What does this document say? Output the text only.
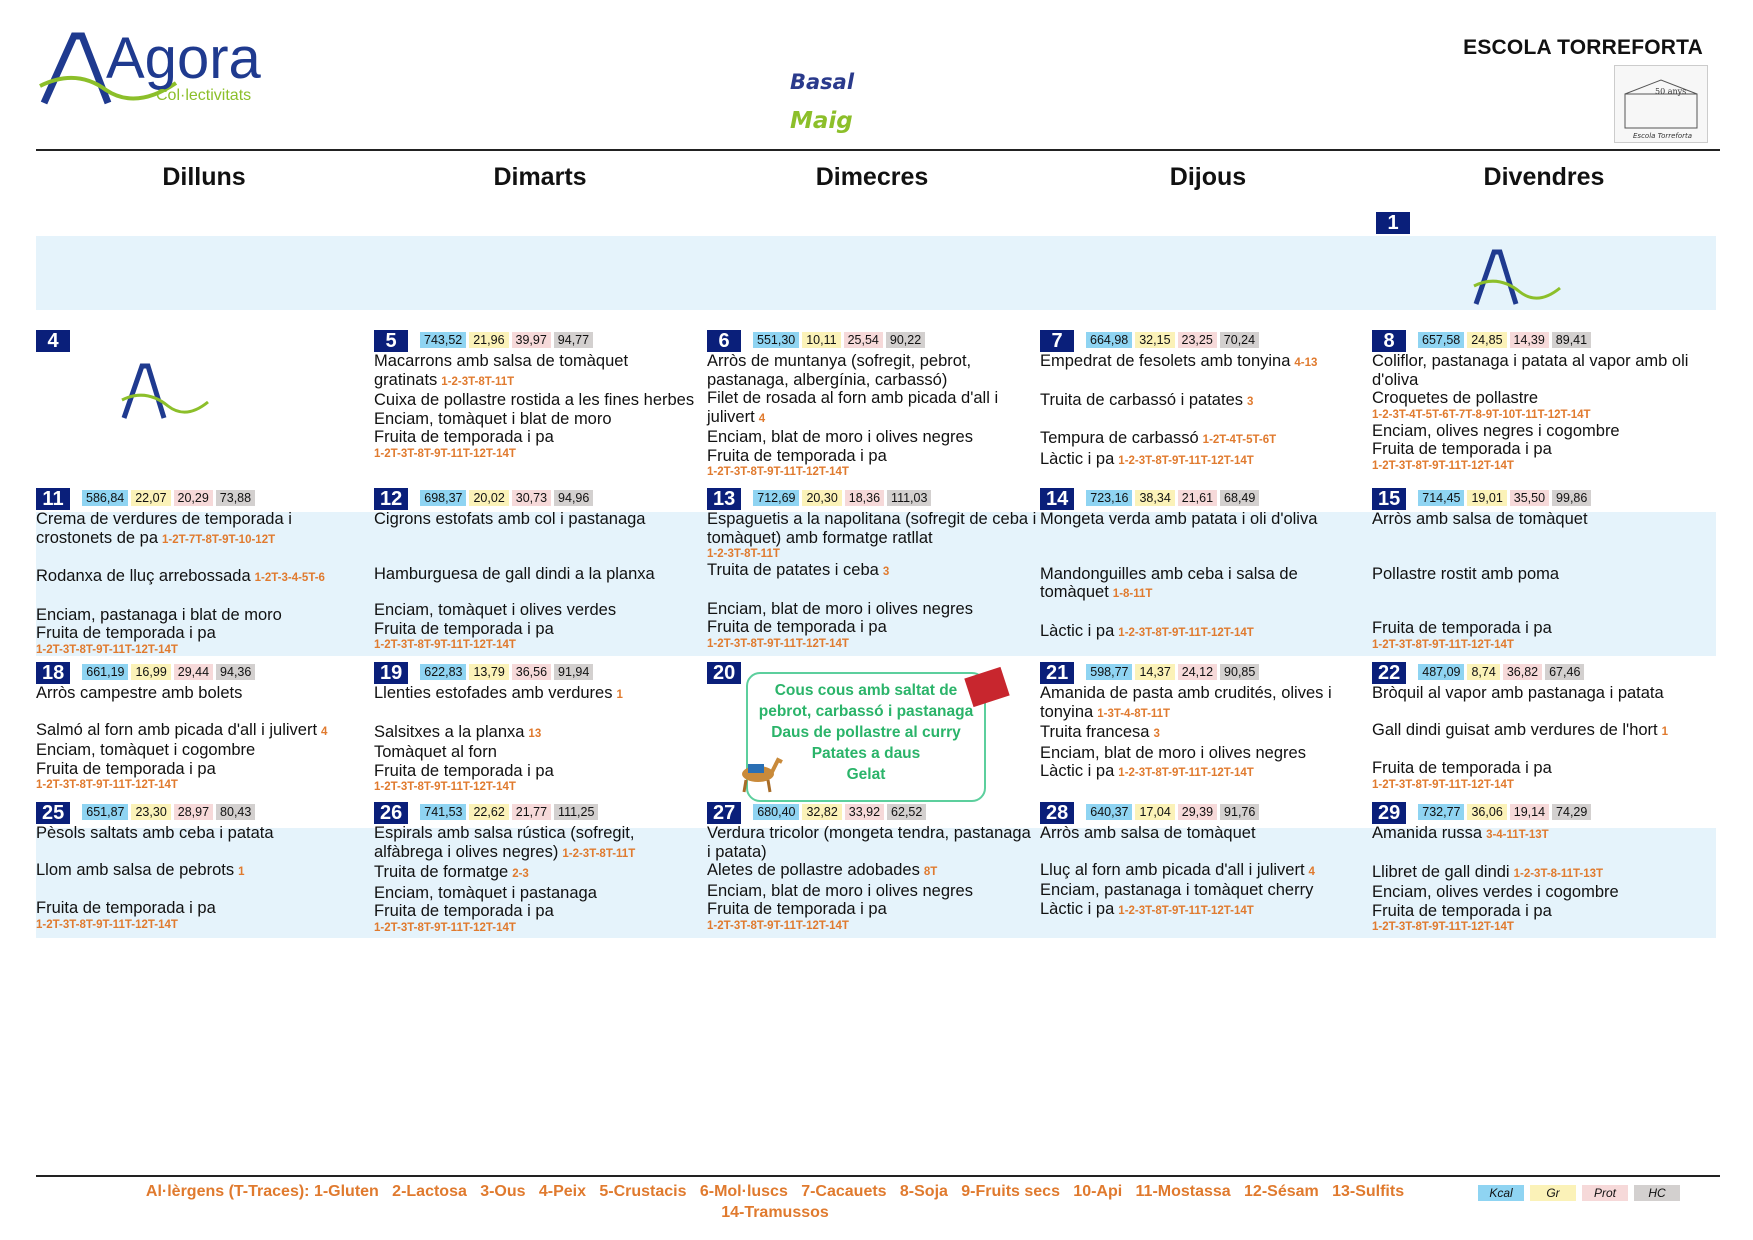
Agora
Col·lectivitats
Basal
Maig
ESCOLA TORREFORTA
50 anys
Escola Torreforta
Dilluns	Dimarts	Dimecres	Dijous	Divendres
1
4	5 743,52 21,96 39,97 94,77
Macarrons amb salsa de tomàquet gratinats 1-2-3T-8T-11T
Cuixa de pollastre rostida a les fines herbes
Enciam, tomàquet i blat de moro
Fruita de temporada i pa
1-2T-3T-8T-9T-11T-12T-14T
6 551,30 10,11 25,54 90,22
Arròs de muntanya (sofregit, pebrot, pastanaga, albergínia, carbassó)
Filet de rosada al forn amb picada d'all i julivert 4
Enciam, blat de moro i olives negres
Fruita de temporada i pa
1-2T-3T-8T-9T-11T-12T-14T
7 664,98 32,15 23,25 70,24
Empedrat de fesolets amb tonyina 4-13
Truita de carbassó i patates 3
Tempura de carbassó 1-2T-4T-5T-6T
Làctic i pa 1-2-3T-8T-9T-11T-12T-14T
8 657,58 24,85 14,39 89,41
Coliflor, pastanaga i patata al vapor amb oli d'oliva
Croquetes de pollastre
1-2-3T-4T-5T-6T-7T-8-9T-10T-11T-12T-14T
Enciam, olives negres i cogombre
Fruita de temporada i pa
1-2T-3T-8T-9T-11T-12T-14T
11 586,84 22,07 20,29 73,88
Crema de verdures de temporada i crostonets de pa 1-2T-7T-8T-9T-10-12T
Rodanxa de lluç arrebossada 1-2T-3-4-5T-6
Enciam, pastanaga i blat de moro
Fruita de temporada i pa
1-2T-3T-8T-9T-11T-12T-14T
12 698,37 20,02 30,73 94,96
Cigrons estofats amb col i pastanaga
Hamburguesa de gall dindi a la planxa
Enciam, tomàquet i olives verdes
Fruita de temporada i pa
1-2T-3T-8T-9T-11T-12T-14T
13 712,69 20,30 18,36 111,03
Espaguetis a la napolitana (sofregit de ceba i tomàquet) amb formatge ratllat
1-2-3T-8T-11T
Truita de patates i ceba 3
Enciam, blat de moro i olives negres
Fruita de temporada i pa
1-2T-3T-8T-9T-11T-12T-14T
14 723,16 38,34 21,61 68,49
Mongeta verda amb patata i oli d'oliva
Mandonguilles amb ceba i salsa de tomàquet 1-8-11T
Làctic i pa 1-2-3T-8T-9T-11T-12T-14T
15 714,45 19,01 35,50 99,86
Arròs amb salsa de tomàquet
Pollastre rostit amb poma
Fruita de temporada i pa
1-2T-3T-8T-9T-11T-12T-14T
18 661,19 16,99 29,44 94,36
Arròs campestre amb bolets
Salmó al forn amb picada d'all i julivert 4
Enciam, tomàquet i cogombre
Fruita de temporada i pa
1-2T-3T-8T-9T-11T-12T-14T
19 622,83 13,79 36,56 91,94
Llenties estofades amb verdures 1
Salsitxes a la planxa 13
Tomàquet al forn
Fruita de temporada i pa
1-2T-3T-8T-9T-11T-12T-14T
20
Cous cous amb saltat de
pebrot, carbassó i pastanaga
Daus de pollastre al curry
Patates a daus
Gelat
21 598,77 14,37 24,12 90,85
Amanida de pasta amb crudités, olives i tonyina 1-3T-4-8T-11T
Truita francesa 3
Enciam, blat de moro i olives negres
Làctic i pa 1-2-3T-8T-9T-11T-12T-14T
22 487,09 8,74 36,82 67,46
Bròquil al vapor amb pastanaga i patata
Gall dindi guisat amb verdures de l'hort 1
Fruita de temporada i pa
1-2T-3T-8T-9T-11T-12T-14T
25 651,87 23,30 28,97 80,43
Pèsols saltats amb ceba i patata
Llom amb salsa de pebrots 1
Fruita de temporada i pa
1-2T-3T-8T-9T-11T-12T-14T
26 741,53 22,62 21,77 111,25
Espirals amb salsa rústica (sofregit, alfàbrega i olives negres) 1-2-3T-8T-11T
Truita de formatge 2-3
Enciam, tomàquet i pastanaga
Fruita de temporada i pa
1-2T-3T-8T-9T-11T-12T-14T
27 680,40 32,82 33,92 62,52
Verdura tricolor (mongeta tendra, pastanaga i patata)
Aletes de pollastre adobades 8T
Enciam, blat de moro i olives negres
Fruita de temporada i pa
1-2T-3T-8T-9T-11T-12T-14T
28 640,37 17,04 29,39 91,76
Arròs amb salsa de tomàquet
Lluç al forn amb picada d'all i julivert 4
Enciam, pastanaga i tomàquet cherry
Làctic i pa 1-2-3T-8T-9T-11T-12T-14T
29 732,77 36,06 19,14 74,29
Amanida russa 3-4-11T-13T
Llibret de gall dindi 1-2-3T-8-11T-13T
Enciam, olives verdes i cogombre
Fruita de temporada i pa
1-2T-3T-8T-9T-11T-12T-14T
Al·lèrgens (T-Traces): 1-Gluten   2-Lactosa   3-Ous   4-Peix   5-Crustacis   6-Mol·luscs   7-Cacauets   8-Soja   9-Fruits secs   10-Api   11-Mostassa   12-Sésam   13-Sulfits
14-Tramussos
Kcal	Gr	Prot	HC
